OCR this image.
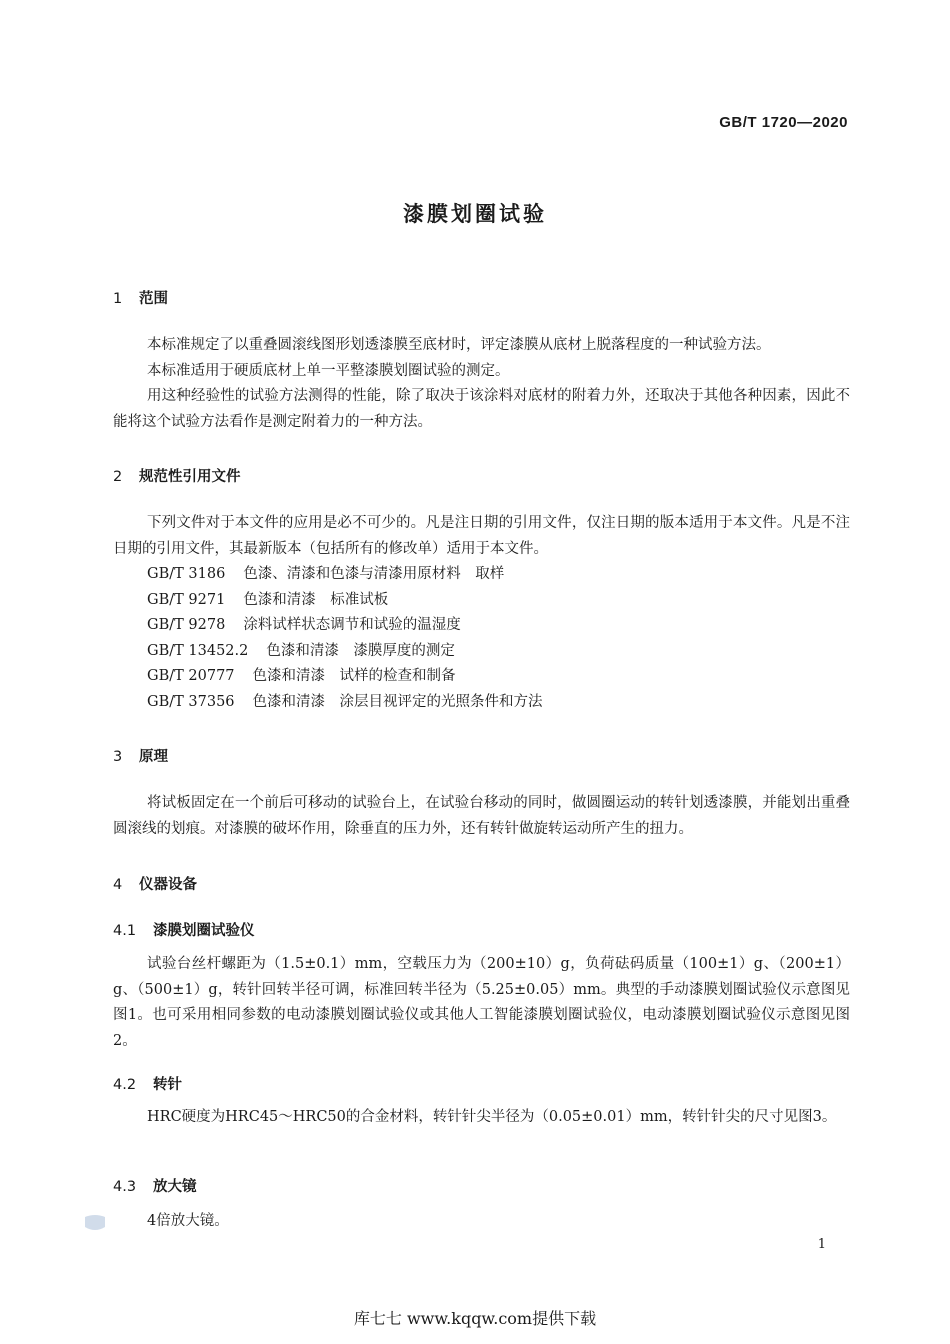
GB/T 1720—2020
漆膜划圈试验
1 范围

本标准规定了以重叠圆滚线图形划透漆膜至底材时，评定漆膜从底材上脱落程度的一种试验方法。

本标准适用于硬质底材上单一平整漆膜划圈试验的测定。

用这种经验性的试验方法测得的性能，除了取决于该涂料对底材的附着力外，还取决于其他各种因素，因此不能将这个试验方法看作是测定附着力的一种方法。

2 规范性引用文件

下列文件对于本文件的应用是必不可少的。凡是注日期的引用文件，仅注日期的版本适用于本文件。凡是不注日期的引用文件，其最新版本（包括所有的修改单）适用于本文件。

GB/T 3186 色漆、清漆和色漆与清漆用原材料　取样

GB/T 9271 色漆和清漆　标准试板

GB/T 9278 涂料试样状态调节和试验的温湿度

GB/T 13452.2 色漆和清漆　漆膜厚度的测定

GB/T 20777 色漆和清漆　试样的检查和制备

GB/T 37356 色漆和清漆　涂层目视评定的光照条件和方法

3 原理

将试板固定在一个前后可移动的试验台上，在试验台移动的同时，做圆圈运动的转针划透漆膜，并能划出重叠圆滚线的划痕。对漆膜的破坏作用，除垂直的压力外，还有转针做旋转运动所产生的扭力。

4 仪器设备
4.1 漆膜划圈试验仪

试验台丝杆螺距为（1.5±0.1）mm，空载压力为（200±10）g，负荷砝码质量（100±1）g、（200±1）g、（500±1）g，转针回转半径可调，标准回转半径为（5.25±0.05）mm。典型的手动漆膜划圈试验仪示意图见图1。也可采用相同参数的电动漆膜划圈试验仪或其他人工智能漆膜划圈试验仪，电动漆膜划圈试验仪示意图见图2。

4.2 转针

HRC硬度为HRC45～HRC50的合金材料，转针针尖半径为（0.05±0.01）mm，转针针尖的尺寸见图3。

4.3 放大镜

4倍放大镜。

1
库七七 www.kqqw.com提供下载
